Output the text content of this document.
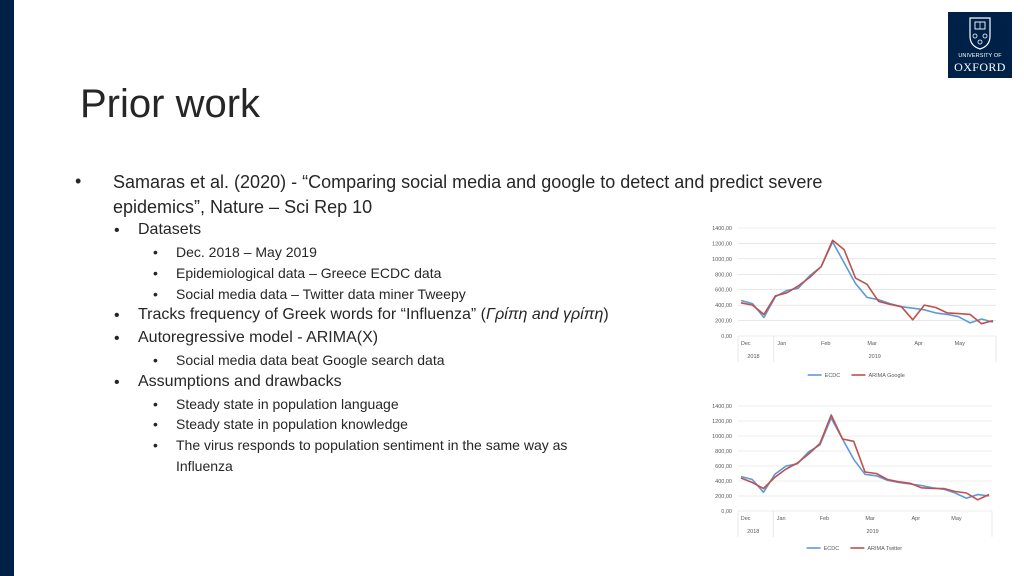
UNIVERSITY OF
OXFORD
Prior work
• Samaras et al. (2020) - “Comparing social media and google to detect and predict severe epidemics”, Nature – Sci Rep 10
• Datasets
• Dec. 2018 – May 2019
• Epidemiological data – Greece ECDC data
• Social media data – Twitter data miner Tweepy
• Tracks frequency of Greek words for “Influenza” (Γρίπη and γρίπη)
• Autoregressive model - ARIMA(X)
• Social media data beat Google search data
• Assumptions and drawbacks
• Steady state in population language
• Steady state in population knowledge
• The virus responds to population sentiment in the same way as Influenza
0,00
200,00
400,00
600,00
800,00
1000,00
1200,00
1400,00
Dec	Jan	Feb	Mar	Apr	May
2018	2019
ECDC	ARIMA Google
0,00
200,00
400,00
600,00
800,00
1000,00
1200,00
1400,00
Dec	Jan	Feb	Mar	Apr	May
2018	2019
ECDC	ARIMA Twitter
